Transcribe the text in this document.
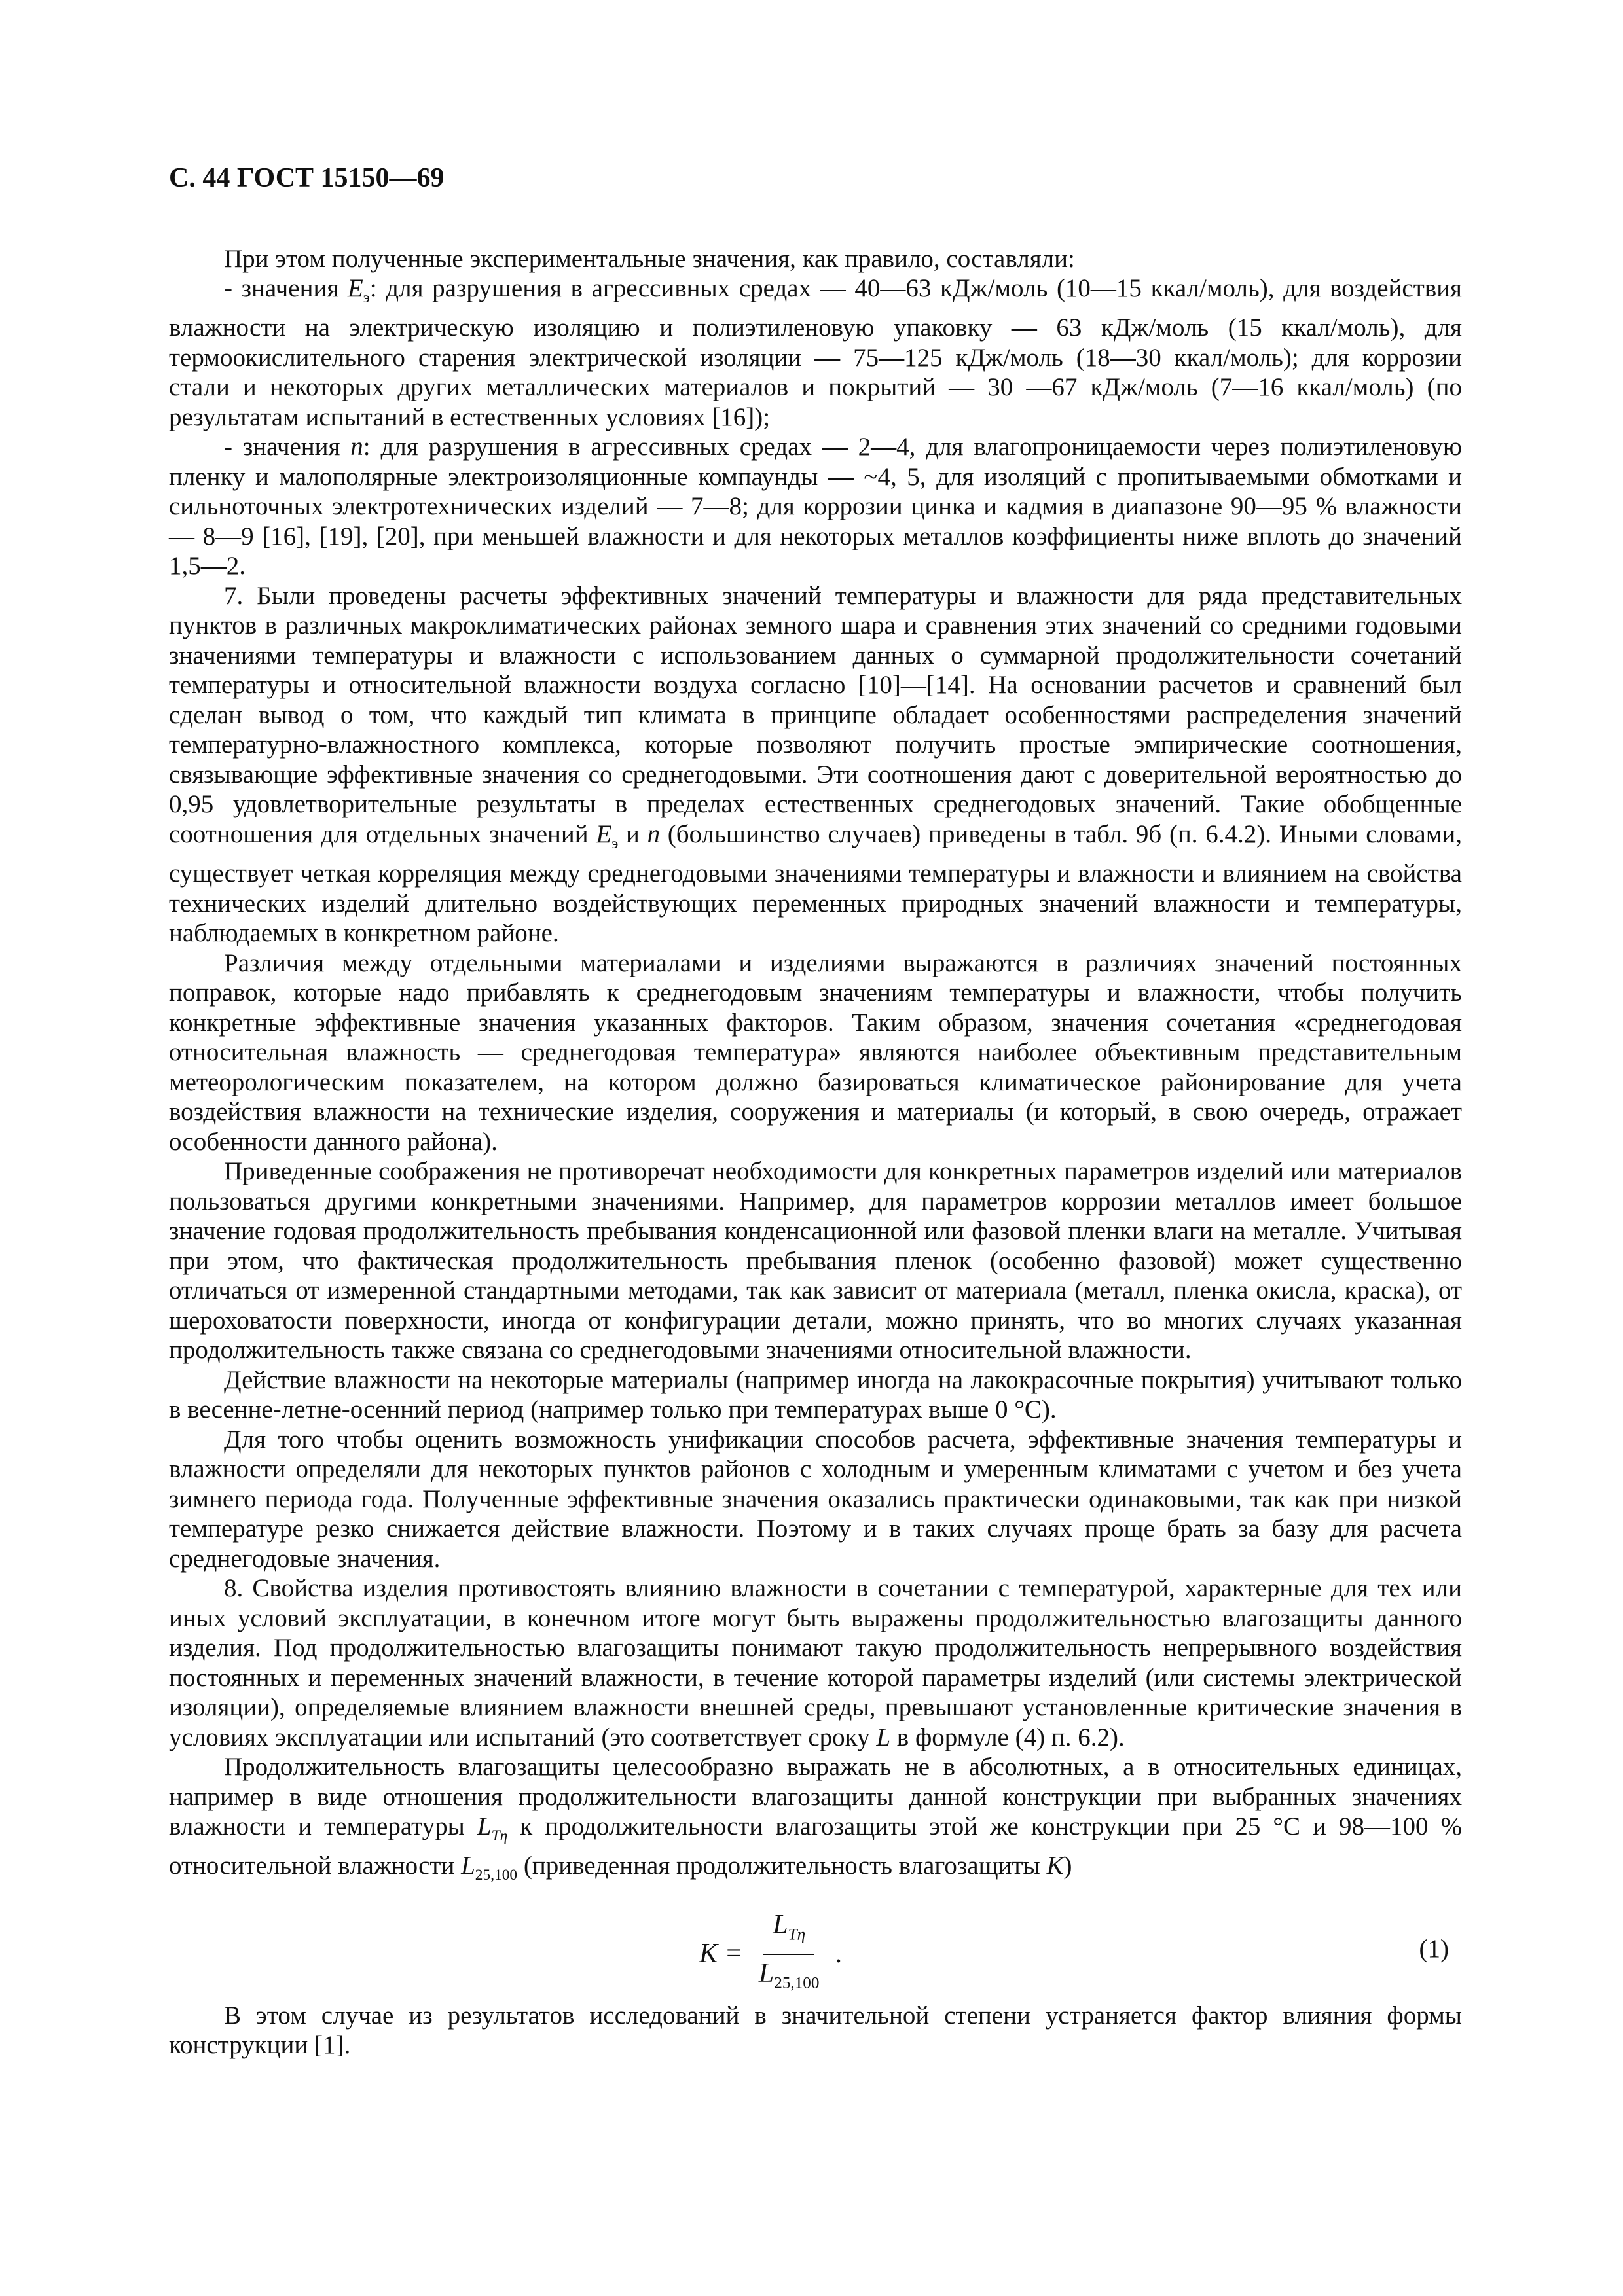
С. 44 ГОСТ 15150—69

При этом полученные экспериментальные значения, как правило, составляли:

- значения $E_э$: для разрушения в агрессивных средах — 40—63 кДж/моль (10—15 ккал/моль), для воздействия влажности на электрическую изоляцию и полиэтиленовую упаковку — 63 кДж/моль (15 ккал/моль), для термоокислительного старения электрической изоляции — 75—125 кДж/моль (18—30 ккал/моль); для коррозии стали и некоторых других металлических материалов и покрытий — 30 —67 кДж/моль (7—16 ккал/моль) (по результатам испытаний в естественных условиях [16]);

- значения n: для разрушения в агрессивных средах — 2—4, для влагопроницаемости через полиэтиленовую пленку и малополярные электроизоляционные компаунды — ~4, 5, для изоляций с пропитываемыми обмотками и сильноточных электротехнических изделий — 7—8; для коррозии цинка и кадмия в диапазоне 90—95 % влажности — 8—9 [16], [19], [20], при меньшей влажности и для некоторых металлов коэффициенты ниже вплоть до значений 1,5—2.

7. Были проведены расчеты эффективных значений температуры и влажности для ряда представительных пунктов в различных макроклиматических районах земного шара и сравнения этих значений со средними годовыми значениями температуры и влажности с использованием данных о суммарной продолжительности сочетаний температуры и относительной влажности воздуха согласно [10]—[14]. На основании расчетов и сравнений был сделан вывод о том, что каждый тип климата в принципе обладает особенностями распределения значений температурно-влажностного комплекса, которые позволяют получить простые эмпирические соотношения, связывающие эффективные значения со среднегодовыми. Эти соотношения дают с доверительной вероятностью до 0,95 удовлетворительные результаты в пределах естественных среднегодовых значений. Такие обобщенные соотношения для отдельных значений $E_э$ и n (большинство случаев) приведены в табл. 9б (п. 6.4.2). Иными словами, существует четкая корреляция между среднегодовыми значениями температуры и влажности и влиянием на свойства технических изделий длительно воздействующих переменных природных значений влажности и температуры, наблюдаемых в конкретном районе.

Различия между отдельными материалами и изделиями выражаются в различиях значений постоянных поправок, которые надо прибавлять к среднегодовым значениям температуры и влажности, чтобы получить конкретные эффективные значения указанных факторов. Таким образом, значения сочетания «среднегодовая относительная влажность — среднегодовая температура» являются наиболее объективным представительным метеорологическим показателем, на котором должно базироваться климатическое районирование для учета воздействия влажности на технические изделия, сооружения и материалы (и который, в свою очередь, отражает особенности данного района).

Приведенные соображения не противоречат необходимости для конкретных параметров изделий или материалов пользоваться другими конкретными значениями. Например, для параметров коррозии металлов имеет большое значение годовая продолжительность пребывания конденсационной или фазовой пленки влаги на металле. Учитывая при этом, что фактическая продолжительность пребывания пленок (особенно фазовой) может существенно отличаться от измеренной стандартными методами, так как зависит от материала (металл, пленка окисла, краска), от шероховатости поверхности, иногда от конфигурации детали, можно принять, что во многих случаях указанная продолжительность также связана со среднегодовыми значениями относительной влажности.

Действие влажности на некоторые материалы (например иногда на лакокрасочные покрытия) учитывают только в весенне-летне-осенний период (например только при температурах выше 0 °С).

Для того чтобы оценить возможность унификации способов расчета, эффективные значения температуры и влажности определяли для некоторых пунктов районов с холодным и умеренным климатами с учетом и без учета зимнего периода года. Полученные эффективные значения оказались практически одинаковыми, так как при низкой температуре резко снижается действие влажности. Поэтому и в таких случаях проще брать за базу для расчета среднегодовые значения.

8. Свойства изделия противостоять влиянию влажности в сочетании с температурой, характерные для тех или иных условий эксплуатации, в конечном итоге могут быть выражены продолжительностью влагозащиты данного изделия. Под продолжительностью влагозащиты понимают такую продолжительность непрерывного воздействия постоянных и переменных значений влажности, в течение которой параметры изделий (или системы электрической изоляции), определяемые влиянием влажности внешней среды, превышают установленные критические значения в условиях эксплуатации или испытаний (это соответствует сроку L в формуле (4) п. 6.2).

Продолжительность влагозащиты целесообразно выражать не в абсолютных, а в относительных единицах, например в виде отношения продолжительности влагозащиты данной конструкции при выбранных значениях влажности и температуры $L_{T\eta}$ к продолжительности влагозащиты этой же конструкции при 25 °С и 98—100 % относительной влажности $L_{25,100}$ (приведенная продолжительность влагозащиты K)

$K = \frac{L_{T\eta}}{L_{25,100}}$ .	(1)

В этом случае из результатов исследований в значительной степени устраняется фактор влияния формы конструкции [1].
